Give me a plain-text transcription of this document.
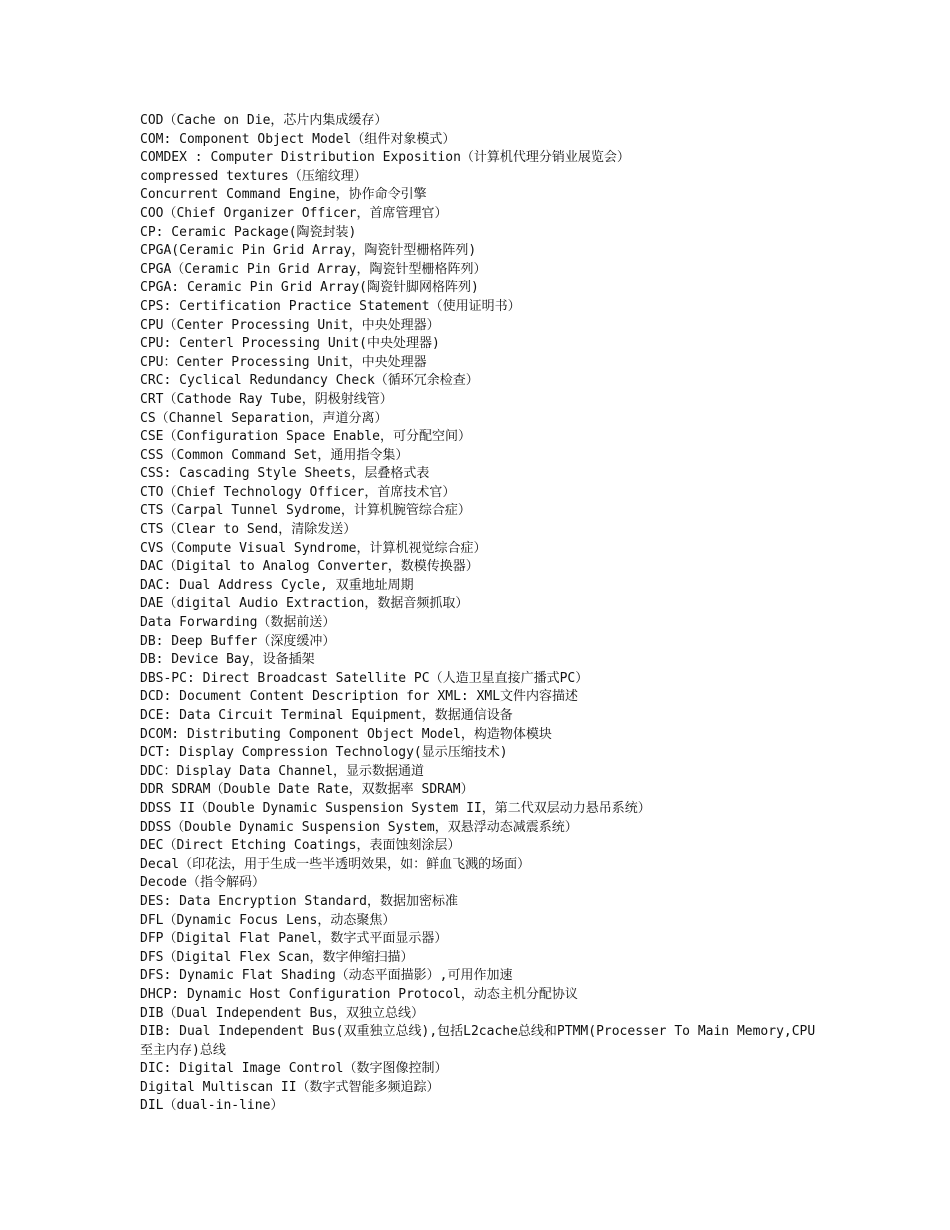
COD（Cache on Die，芯片内集成缓存）
COM: Component Object Model（组件对象模式）
COMDEX : Computer Distribution Exposition（计算机代理分销业展览会）
compressed textures（压缩纹理）
Concurrent Command Engine，协作命令引擎
COO（Chief Organizer Officer，首席管理官）
CP: Ceramic Package(陶瓷封装)
CPGA(Ceramic Pin Grid Array，陶瓷针型栅格阵列)
CPGA（Ceramic Pin Grid Array，陶瓷针型栅格阵列）
CPGA: Ceramic Pin Grid Array(陶瓷针脚网格阵列)
CPS: Certification Practice Statement（使用证明书）
CPU（Center Processing Unit，中央处理器）
CPU: Centerl Processing Unit(中央处理器)
CPU：Center Processing Unit，中央处理器
CRC: Cyclical Redundancy Check（循环冗余检查）
CRT（Cathode Ray Tube，阴极射线管）
CS（Channel Separation，声道分离）
CSE（Configuration Space Enable，可分配空间）
CSS（Common Command Set，通用指令集）
CSS: Cascading Style Sheets，层叠格式表
CTO（Chief Technology Officer，首席技术官）
CTS（Carpal Tunnel Sydrome，计算机腕管综合症）
CTS（Clear to Send，清除发送）
CVS（Compute Visual Syndrome，计算机视觉综合症）
DAC（Digital to Analog Converter，数模传换器）
DAC: Dual Address Cycle, 双重地址周期
DAE（digital Audio Extraction，数据音频抓取）
Data Forwarding（数据前送）
DB: Deep Buffer（深度缓冲）
DB: Device Bay，设备插架
DBS-PC: Direct Broadcast Satellite PC（人造卫星直接广播式PC）
DCD: Document Content Description for XML: XML文件内容描述
DCE: Data Circuit Terminal Equipment，数据通信设备
DCOM: Distributing Component Object Model，构造物体模块
DCT: Display Compression Technology(显示压缩技术)
DDC：Display Data Channel，显示数据通道
DDR SDRAM（Double Date Rate，双数据率 SDRAM）
DDSS II（Double Dynamic Suspension System II，第二代双层动力悬吊系统）
DDSS（Double Dynamic Suspension System，双悬浮动态减震系统）
DEC（Direct Etching Coatings，表面蚀刻涂层）
Decal（印花法，用于生成一些半透明效果，如：鲜血飞溅的场面）
Decode（指令解码）
DES: Data Encryption Standard，数据加密标准
DFL（Dynamic Focus Lens，动态聚焦）
DFP（Digital Flat Panel，数字式平面显示器）
DFS（Digital Flex Scan，数字伸缩扫描）
DFS: Dynamic Flat Shading（动态平面描影）,可用作加速
DHCP: Dynamic Host Configuration Protocol，动态主机分配协议
DIB（Dual Independent Bus，双独立总线）
DIB: Dual Independent Bus(双重独立总线),包括L2cache总线和PTMM(Processer To Main Memory,CPU至主内存)总线
DIC: Digital Image Control（数字图像控制）
Digital Multiscan II（数字式智能多频追踪）
DIL（dual-in-line）
